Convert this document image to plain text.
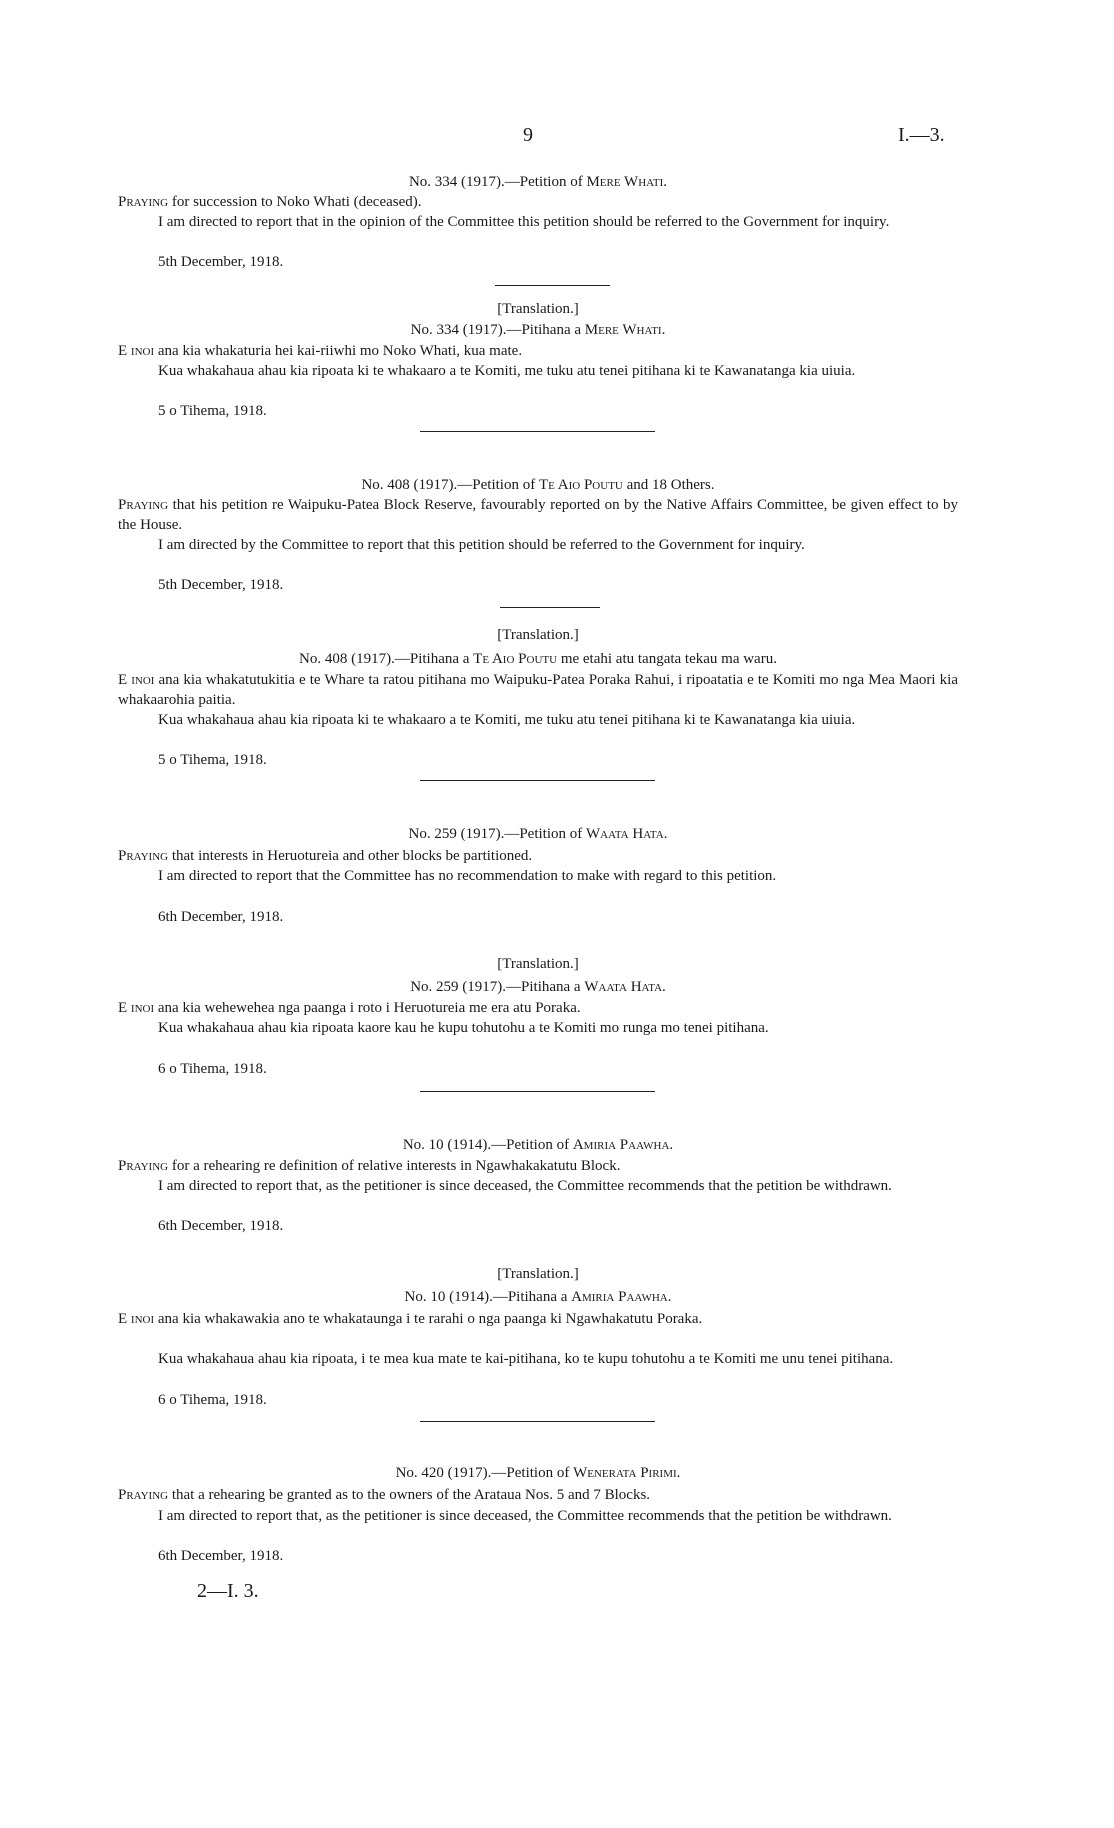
9	I.—3.

No. 334 (1917).—Petition of Mere Whati.

Praying for succession to Noko Whati (deceased).

I am directed to report that in the opinion of the Committee this petition should be referred to the Government for inquiry.

5th December, 1918.

[Translation.]

No. 334 (1917).—Pitihana a Mere Whati.

E inoi ana kia whakaturia hei kai-riiwhi mo Noko Whati, kua mate.

Kua whakahaua ahau kia ripoata ki te whakaaro a te Komiti, me tuku atu tenei pitihana ki te Kawanatanga kia uiuia.

5 o Tihema, 1918.

No. 408 (1917).—Petition of Te Aio Poutu and 18 Others.

Praying that his petition re Waipuku-Patea Block Reserve, favourably reported on by the Native Affairs Committee, be given effect to by the House.

I am directed by the Committee to report that this petition should be referred to the Government for inquiry.

5th December, 1918.

[Translation.]

No. 408 (1917).—Pitihana a Te Aio Poutu me etahi atu tangata tekau ma waru.

E inoi ana kia whakatutukitia e te Whare ta ratou pitihana mo Waipuku-Patea Poraka Rahui, i ripoatatia e te Komiti mo nga Mea Maori kia whakaarohia paitia.

Kua whakahaua ahau kia ripoata ki te whakaaro a te Komiti, me tuku atu tenei pitihana ki te Kawanatanga kia uiuia.

5 o Tihema, 1918.

No. 259 (1917).—Petition of Waata Hata.

Praying that interests in Heruotureia and other blocks be partitioned.

I am directed to report that the Committee has no recommendation to make with regard to this petition.

6th December, 1918.

[Translation.]

No. 259 (1917).—Pitihana a Waata Hata.

E inoi ana kia wehewehea nga paanga i roto i Heruotureia me era atu Poraka.

Kua whakahaua ahau kia ripoata kaore kau he kupu tohutohu a te Komiti mo runga mo tenei pitihana.

6 o Tihema, 1918.

No. 10 (1914).—Petition of Amiria Paawha.

Praying for a rehearing re definition of relative interests in Ngawhakakatutu Block.

I am directed to report that, as the petitioner is since deceased, the Committee recommends that the petition be withdrawn.

6th December, 1918.

[Translation.]

No. 10 (1914).—Pitihana a Amiria Paawha.

E inoi ana kia whakawakia ano te whakataunga i te rarahi o nga paanga ki Ngawhakatutu Poraka.

Kua whakahaua ahau kia ripoata, i te mea kua mate te kai-pitihana, ko te kupu tohutohu a te Komiti me unu tenei pitihana.

6 o Tihema, 1918.

No. 420 (1917).—Petition of Wenerata Pirimi.

Praying that a rehearing be granted as to the owners of the Arataua Nos. 5 and 7 Blocks.

I am directed to report that, as the petitioner is since deceased, the Committee recommends that the petition be withdrawn.

6th December, 1918.

2—I. 3.
